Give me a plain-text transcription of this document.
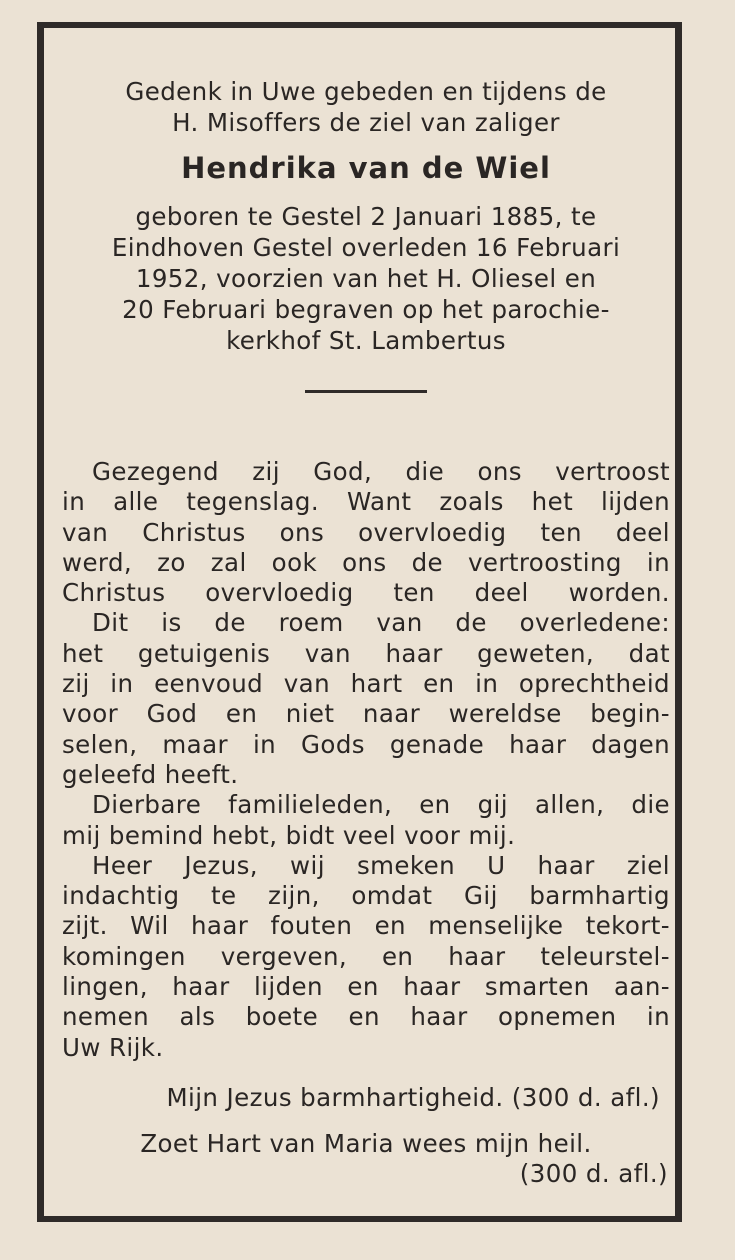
Gedenk in Uwe gebeden en tijdens de
H. Misoffers de ziel van zaliger
Hendrika van de Wiel
geboren te Gestel 2 Januari 1885, te
Eindhoven Gestel overleden 16 Februari
1952, voorzien van het H. Oliesel en
20 Februari begraven op het parochie-
kerkhof St. Lambertus
Gezegend zij God, die ons vertroost
in alle tegenslag. Want zoals het lijden
van Christus ons overvloedig ten deel
werd, zo zal ook ons de vertroosting in
Christus overvloedig ten deel worden.
Dit is de roem van de overledene:
het getuigenis van haar geweten, dat
zij in eenvoud van hart en in oprechtheid
voor God en niet naar wereldse begin-
selen, maar in Gods genade haar dagen
geleefd heeft.
Dierbare familieleden, en gij allen, die
mij bemind hebt, bidt veel voor mij.
Heer Jezus, wij smeken U haar ziel
indachtig te zijn, omdat Gij barmhartig
zijt. Wil haar fouten en menselijke tekort-
komingen vergeven, en haar teleurstel-
lingen, haar lijden en haar smarten aan-
nemen als boete en haar opnemen in
Uw Rijk.
Mijn Jezus barmhartigheid. (300 d. afl.)
Zoet Hart van Maria wees mijn heil.
(300 d. afl.)
